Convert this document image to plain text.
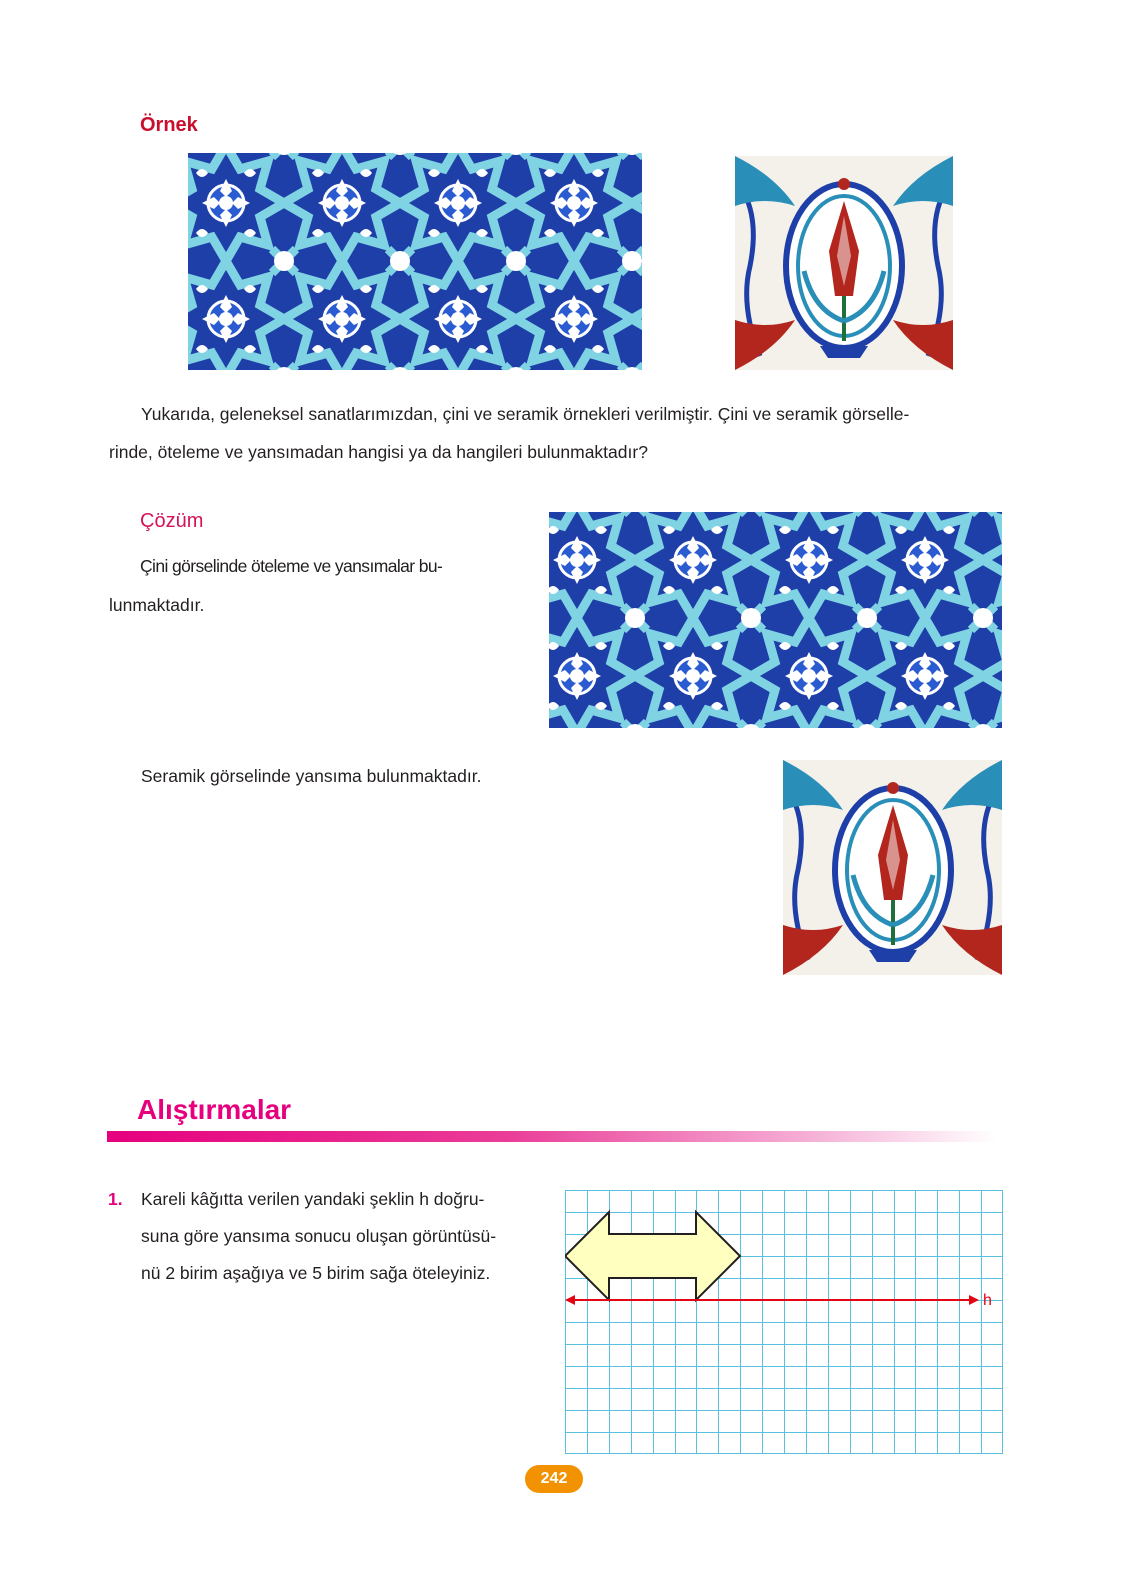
Örnek
Yukarıda, geleneksel sanatlarımızdan, çini ve seramik örnekleri verilmiştir. Çini ve seramik görselle-
rinde, öteleme ve yansımadan hangisi ya da hangileri bulunmaktadır?
Çözüm
Çini görselinde öteleme ve yansımalar bu-
lunmaktadır.
Seramik görselinde yansıma bulunmaktadır.
Alıştırmalar
1. Kareli kâğıtta verilen yandaki şeklin h doğru-
suna göre yansıma sonucu oluşan görüntüsü-
nü 2 birim aşağıya ve 5 birim sağa öteleyiniz.
h
242
